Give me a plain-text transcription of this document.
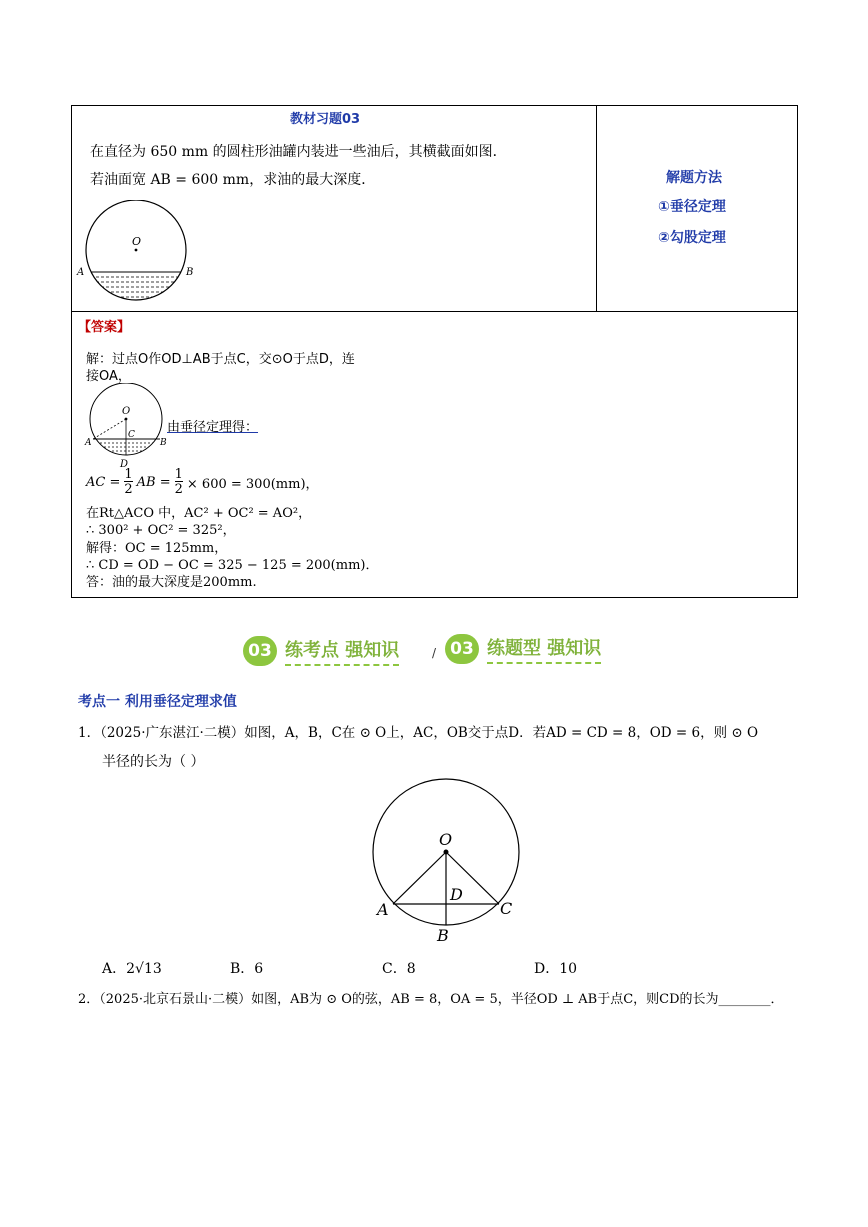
教材习题03
在直径为 650 mm 的圆柱形油罐内装进一些油后，其横截面如图．
若油面宽 AB = 600 mm，求油的最大深度．
O
A	B
解题方法
①垂径定理
②勾股定理
【答案】
解：过点O作OD⊥AB于点C，交⊙O于点D，连
接OA，
O
A	B
C
D
由垂径定理得：
AC = $\frac{1}{2}$ AB = $\frac{1}{2} \times 600 = 300(mm)$，
在Rt△ACO 中，AC² + OC² = AO²，
∴ 300² + OC² = 325²，
解得：OC = 125mm，
∴ CD = OD − OC = 325 − 125 = 200(mm)．
答：油的最大深度是200mm.
03 练考点 强知识	/ 03 练题型 强知识
考点一 利用垂径定理求值
1．（2025·广东湛江·二模）如图，A，B，C在 ⊙ O上，AC，OB交于点D．若AD = CD = 8，OD = 6，则 ⊙ O
半径的长为（ ）
O
A	C
D
B
A．2√13	B．6	C．8	D．10
2．（2025·北京石景山·二模）如图，AB为 ⊙ O的弦，AB = 8，OA = 5，半径OD ⊥ AB于点C，则CD的长为________．
